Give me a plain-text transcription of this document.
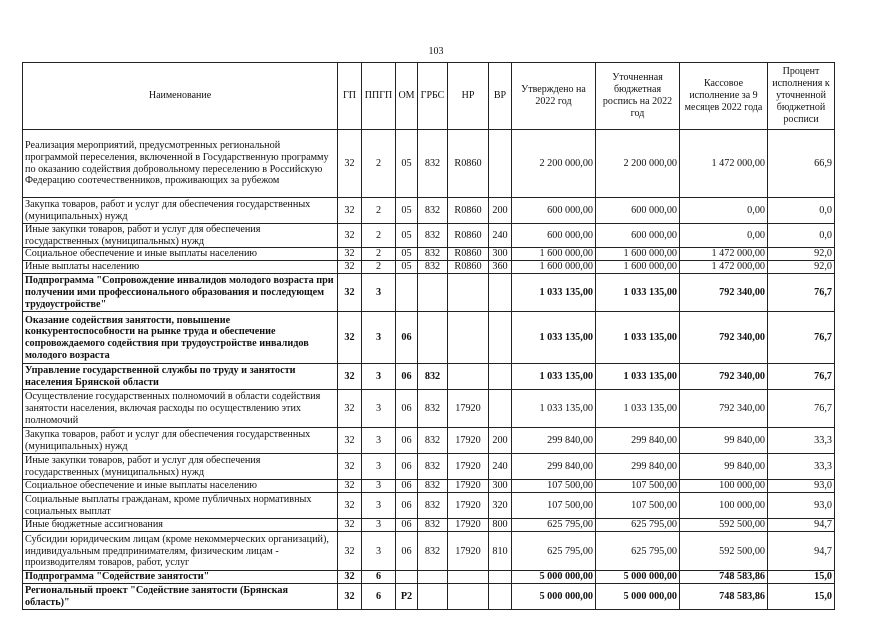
103
Наименование	ГП	ППГП	ОМ	ГРБС	НР	ВР	Утверждено на 2022 год	Уточненная бюджетная роспись на 2022 год	Кассовое исполнение за 9 месяцев 2022 года	Процент исполнения к уточненной бюджетной росписи
Реализация мероприятий, предусмотренных региональной программой переселения, включенной в Государственную программу по оказанию содействия добровольному переселению в Российскую Федерацию соотечественников, проживающих за рубежом	32	2	05	832	R0860		2 200 000,00	2 200 000,00	1 472 000,00	66,9
Закупка товаров, работ и услуг для обеспечения государственных (муниципальных) нужд	32	2	05	832	R0860	200	600 000,00	600 000,00	0,00	0,0
Иные закупки товаров, работ и услуг для обеспечения государственных (муниципальных) нужд	32	2	05	832	R0860	240	600 000,00	600 000,00	0,00	0,0
Социальное обеспечение и иные выплаты населению	32	2	05	832	R0860	300	1 600 000,00	1 600 000,00	1 472 000,00	92,0
Иные выплаты населению	32	2	05	832	R0860	360	1 600 000,00	1 600 000,00	1 472 000,00	92,0
Подпрограмма "Сопровождение инвалидов молодого возраста при получении ими профессионального образования и последующем трудоустройстве"	32	3					1 033 135,00	1 033 135,00	792 340,00	76,7
Оказание содействия занятости, повышение конкурентоспособности на рынке труда и обеспечение сопровождаемого содействия при трудоустройстве инвалидов молодого возраста	32	3	06				1 033 135,00	1 033 135,00	792 340,00	76,7
Управление государственной службы по труду и занятости населения Брянской области	32	3	06	832			1 033 135,00	1 033 135,00	792 340,00	76,7
Осуществление государственных полномочий в области содействия занятости населения, включая расходы по осуществлению этих полномочий	32	3	06	832	17920		1 033 135,00	1 033 135,00	792 340,00	76,7
Закупка товаров, работ и услуг для обеспечения государственных (муниципальных) нужд	32	3	06	832	17920	200	299 840,00	299 840,00	99 840,00	33,3
Иные закупки товаров, работ и услуг для обеспечения государственных (муниципальных) нужд	32	3	06	832	17920	240	299 840,00	299 840,00	99 840,00	33,3
Социальное обеспечение и иные выплаты населению	32	3	06	832	17920	300	107 500,00	107 500,00	100 000,00	93,0
Социальные выплаты гражданам, кроме публичных нормативных социальных выплат	32	3	06	832	17920	320	107 500,00	107 500,00	100 000,00	93,0
Иные бюджетные ассигнования	32	3	06	832	17920	800	625 795,00	625 795,00	592 500,00	94,7
Субсидии юридическим лицам (кроме некоммерческих организаций), индивидуальным предпринимателям, физическим лицам - производителям товаров, работ, услуг	32	3	06	832	17920	810	625 795,00	625 795,00	592 500,00	94,7
Подпрограмма "Содействие занятости"	32	6					5 000 000,00	5 000 000,00	748 583,86	15,0
Региональный проект "Содействие занятости (Брянская область)"	32	6	P2				5 000 000,00	5 000 000,00	748 583,86	15,0
